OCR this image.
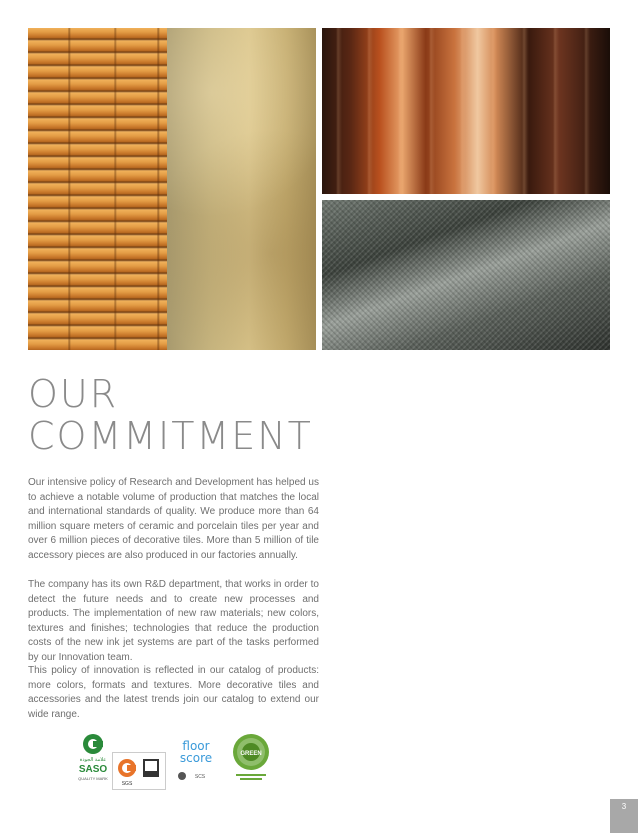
OUR
COMMITMENT

Our intensive policy of Research and Development has helped us to achieve a notable volume of production that matches the local and international standards of quality. We produce more than 64 million square meters of ceramic and porcelain tiles per year and over 6 million pieces of decorative tiles. More than 5 million of tile accessory pieces are also produced in our factories annually.

The company has its own R&D department, that works in order to detect the future needs and to create new processes and products. The implementation of new raw materials; new colors, textures and finishes; technologies that reduce the production costs of the new ink jet systems are part of the tasks performed by our Innovation team.

This policy of innovation is reflected in our catalog of products: more colors, formats and textures. More decorative tiles and accessories and the latest trends join our catalog to extend our wide range.

علامة الجودة
SASO
QUALITY MARK
SGS
floor
score
SCS
GREEN
3
